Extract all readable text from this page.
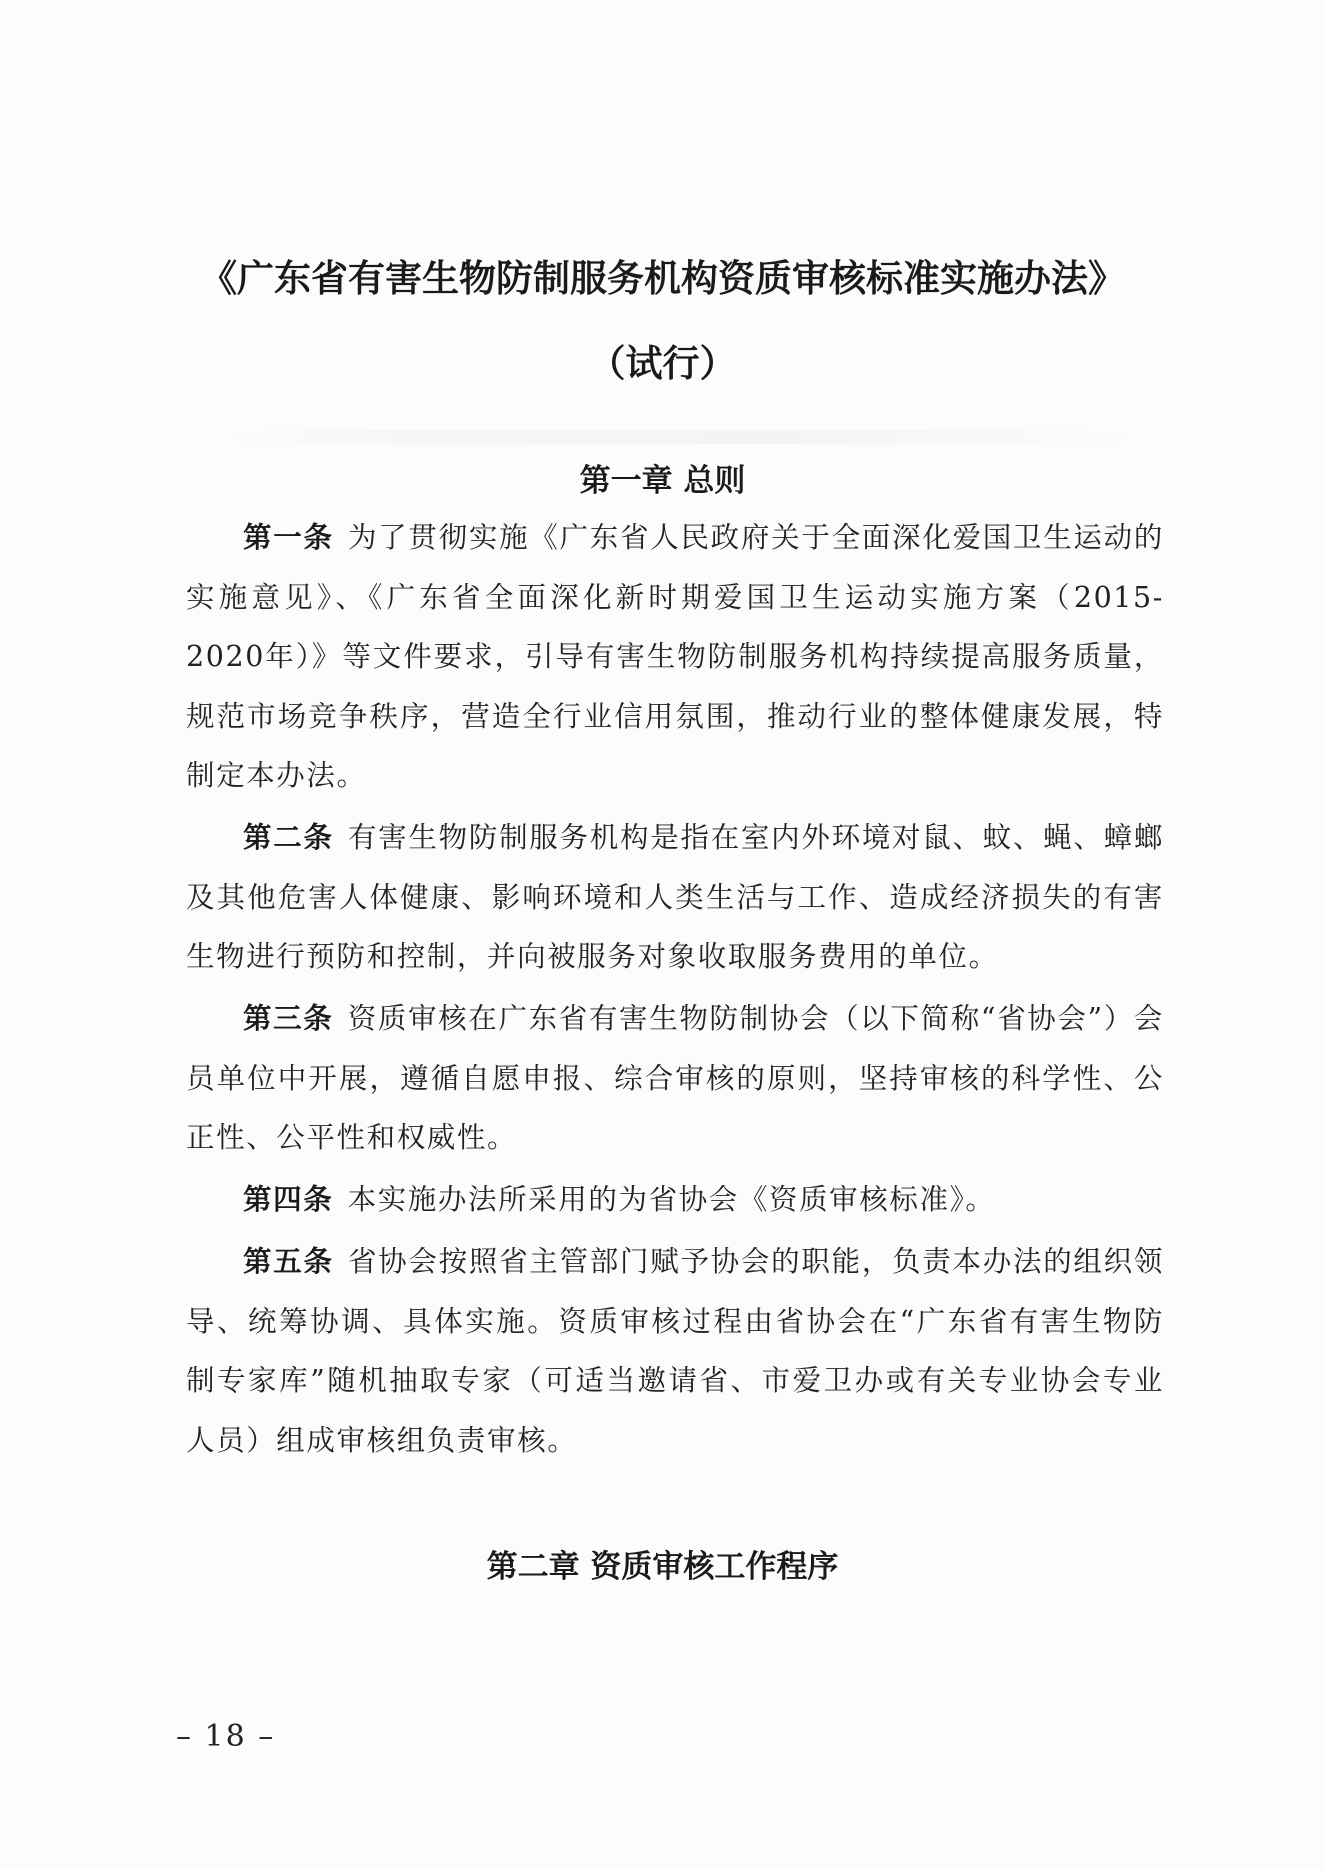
《广东省有害生物防制服务机构资质审核标准实施办法》
（试行）
第一章 总则

第一条 为了贯彻实施《广东省人民政府关于全面深化爱国卫生运动的实施意见》、《广东省全面深化新时期爱国卫生运动实施方案（2015-2020年）》等文件要求，引导有害生物防制服务机构持续提高服务质量，规范市场竞争秩序，营造全行业信用氛围，推动行业的整体健康发展，特制定本办法。

第二条 有害生物防制服务机构是指在室内外环境对鼠、蚊、蝇、蟑螂及其他危害人体健康、影响环境和人类生活与工作、造成经济损失的有害生物进行预防和控制，并向被服务对象收取服务费用的单位。

第三条 资质审核在广东省有害生物防制协会（以下简称“省协会”）会员单位中开展，遵循自愿申报、综合审核的原则，坚持审核的科学性、公正性、公平性和权威性。

第四条 本实施办法所采用的为省协会《资质审核标准》。

第五条 省协会按照省主管部门赋予协会的职能，负责本办法的组织领导、统筹协调、具体实施。资质审核过程由省协会在“广东省有害生物防制专家库”随机抽取专家（可适当邀请省、市爱卫办或有关专业协会专业人员）组成审核组负责审核。

第二章 资质审核工作程序
– 18 –
